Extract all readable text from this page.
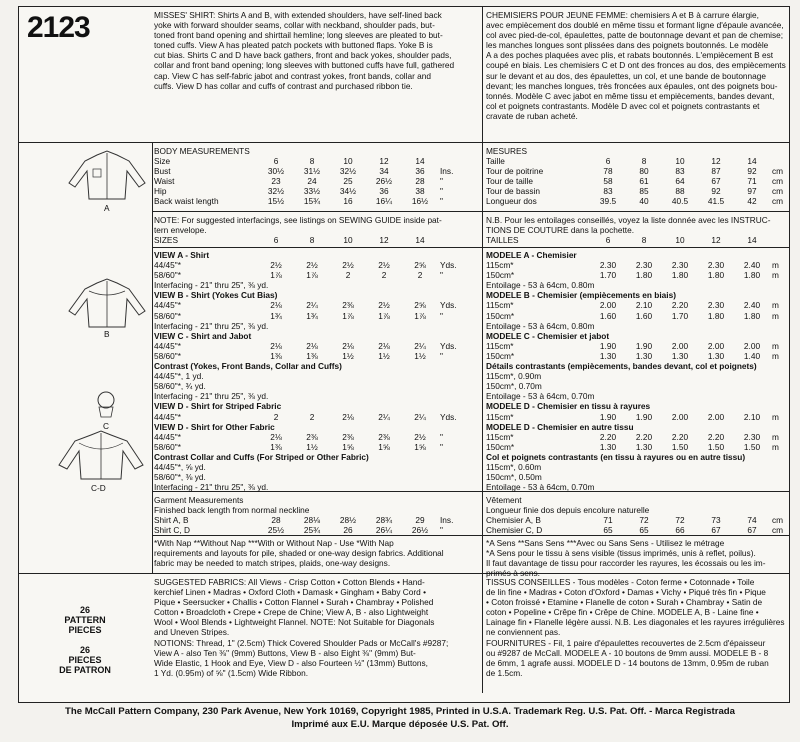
2123	MISSES' SHIRT: Shirts A and B, with extended shoulders, have self-lined back
yoke with forward shoulder seams, collar with neckband, shoulder pads, but-
toned front band opening and shirttail hemline; long sleeves are pleated to but-
toned cuffs. View A has pleated patch pockets with buttoned flaps. Yoke B is
cut bias. Shirts C and D have back gathers, front and back yokes, shoulder pads,
collar and front band opening; long sleeves with buttoned cuffs have full, gathered
cap. View C has self-fabric jabot and contrast yokes, front bands, collar and
cuffs. View D has collar and cuffs of contrast and purchased ribbon tie.
CHEMISIERS POUR JEUNE FEMME: chemisiers A et B à carrure élargie,
avec empiècement dos doublé en même tissu et formant ligne d'épaule avancée,
col avec pied-de-col, épaulettes, patte de boutonnage devant et pan de chemise;
les manches longues sont plissées dans des poignets boutonnés. Le modèle
A a des poches plaquées avec plis, et rabats boutonnés. L'empiècement B est
coupé en biais. Les chemisiers C et D ont des fronces au dos, des empiècements
sur le devant et au dos, des épaulettes, un col, et une bande de boutonnage
devant; les manches longues, très froncées aux épaules, ont des poignets bou-
tonnés. Modèle C avec jabot en même tissu et empiècements, bandes devant,
col et poignets contrastants. Modèle D avec col et poignets contrastants et
cravate de ruban acheté.
BODY MEASUREMENTS
Size	6	8	10	12	14
Bust	30½	31½	32½	34	36	Ins.
Waist	23	24	25	26½	28	"
Hip	32½	33½	34½	36	38	"
Back waist length	15½	15¾	16	16¼	16½	"
MESURES
Taille	6	8	10	12	14
Tour de poitrine	78	80	83	87	92	cm
Tour de taille	58	61	64	67	71	cm
Tour de bassin	83	85	88	92	97	cm
Longueur dos	39.5	40	40.5	41.5	42	cm
NOTE: For suggested interfacings, see listings on SEWING GUIDE inside pat-
tern envelope.
N.B. Pour les entoilages conseillés, voyez la liste donnée avec les INSTRUC-
TIONS DE COUTURE dans la pochette.
SIZES	6	8	10	12	14	TAILLES	6	8	10	12	14
VIEW A - Shirt
44/45"*	2½	2½	2½	2½	2⅝	Yds.
58/60"*	1⅞	1⅞	2	2	2	"
Interfacing - 21" thru 25", ⅜ yd.
VIEW B - Shirt (Yokes Cut Bias)
44/45"*	2⅛	2¼	2⅜	2½	2⅝	Yds.
58/60"*	1¾	1¾	1⅞	1⅞	1⅞	"
Interfacing - 21" thru 25", ⅜ yd.
VIEW C - Shirt and Jabot
44/45"*	2⅛	2⅛	2⅛	2⅛	2¼	Yds.
58/60"*	1⅜	1⅜	1½	1½	1½	"
Contrast (Yokes, Front Bands, Collar and Cuffs)
44/45"*, 1 yd.
58/60"*, ¾ yd.
Interfacing - 21" thru 25", ⅜ yd.
VIEW D - Shirt for Striped Fabric
44/45"*	2	2	2⅛	2¼	2¼	Yds.
VIEW D - Shirt for Other Fabric
44/45"*	2⅛	2⅜	2⅜	2⅜	2½	"
58/60"*	1⅜	1½	1⅝	1⅝	1⅝	"
Contrast Collar and Cuffs (For Striped or Other Fabric)
44/45"*, ⅝ yd.
58/60"*, ⅜ yd.
Interfacing - 21" thru 25", ⅜ yd.
MODELE A - Chemisier
115cm*	2.30	2.30	2.30	2.30	2.40	m
150cm*	1.70	1.80	1.80	1.80	1.80	m
Entoilage - 53 à 64cm, 0.80m
MODELE B - Chemisier (empiècements en biais)
115cm*	2.00	2.10	2.20	2.30	2.40	m
150cm*	1.60	1.60	1.70	1.80	1.80	m
Entoilage - 53 à 64cm, 0.80m
MODELE C - Chemisier et jabot
115cm*	1.90	1.90	2.00	2.00	2.00	m
150cm*	1.30	1.30	1.30	1.30	1.40	m
Détails contrastants (empiècements, bandes devant, col et poignets)
115cm*, 0.90m
150cm*, 0.70m
Entoilage - 53 à 64cm, 0.70m
MODELE D - Chemisier en tissu à rayures
115cm*	1.90	1.90	2.00	2.00	2.10	m
MODELE D - Chemisier en autre tissu
115cm*	2.20	2.20	2.20	2.20	2.30	m
150cm*	1.30	1.30	1.50	1.50	1.50	m
Col et poignets contrastants (en tissu à rayures ou en autre tissu)
115cm*, 0.60m
150cm*, 0.50m
Entoilage - 53 à 64cm, 0.70m
Garment Measurements
Finished back length from normal neckline
Shirt A, B	28	28⅛	28½	28¾	29	Ins.
Shirt C, D	25½	25¾	26	26¼	26½	"
Vêtement
Longueur finie dos depuis encolure naturelle
Chemisier A, B	71	72	72	73	74	cm
Chemisier C, D	65	65	66	67	67	cm
*With Nap **Without Nap ***With or Without Nap - Use *With Nap
requirements and layouts for pile, shaded or one-way design fabrics. Additional
fabric may be needed to match stripes, plaids, one-way designs.
*A Sens **Sans Sens ***Avec ou Sans Sens - Utilisez le métrage
*A Sens pour le tissu à sens visible (tissus imprimés, unis à reflet, poilus).
Il faut davantage de tissu pour raccorder les rayures, les écossais ou les im-
primés à sens.
26
PATTERN
PIECES
26
PIECES
DE PATRON
SUGGESTED FABRICS: All Views - Crisp Cotton • Cotton Blends • Hand-
kerchief Linen • Madras • Oxford Cloth • Damask • Gingham • Baby Cord •
Pique • Seersucker • Challis • Cotton Flannel • Surah • Chambray • Polished
Cotton • Broadcloth • Crepe • Crepe de Chine; View A, B - also Lightweight
Wool • Wool Blends • Lightweight Flannel. NOTE: Not Suitable for Diagonals
and Uneven Stripes.
NOTIONS: Thread, 1" (2.5cm) Thick Covered Shoulder Pads or McCall's #9287;
View A - also Ten ⅜" (9mm) Buttons, View B - also Eight ⅜" (9mm) But-
Wide Elastic, 1 Hook and Eye, View D - also Fourteen ½" (13mm) Buttons,
1 Yd. (0.95m) of ⅝" (1.5cm) Wide Ribbon.
TISSUS CONSEILLES - Tous modèles - Coton ferme • Cotonnade • Toile
de lin fine • Madras • Coton d'Oxford • Damas • Vichy • Piqué très fin • Pique
• Coton froissé • Etamine • Flanelle de coton • Surah • Chambray • Satin de
coton • Popeline • Crêpe fin • Crêpe de Chine. MODELE A, B - Laine fine •
Lainage fin • Flanelle légère aussi. N.B. Les diagonales et les rayures irrégulières
ne conviennent pas.
FOURNITURES - Fil, 1 paire d'épaulettes recouvertes de 2.5cm d'épaisseur
ou #9287 de McCall. MODELE A - 10 boutons de 9mm aussi. MODELE B - 8
de 6mm, 1 agrafe aussi. MODELE D - 14 boutons de 13mm, 0.95m de ruban
de 1.5cm.
A
B
C
C-D
The McCall Pattern Company, 230 Park Avenue, New York 10169, Copyright 1985, Printed in U.S.A. Trademark Reg. U.S. Pat. Off. - Marca Registrada
Imprimé aux E.U. Marque déposée U.S. Pat. Off.
